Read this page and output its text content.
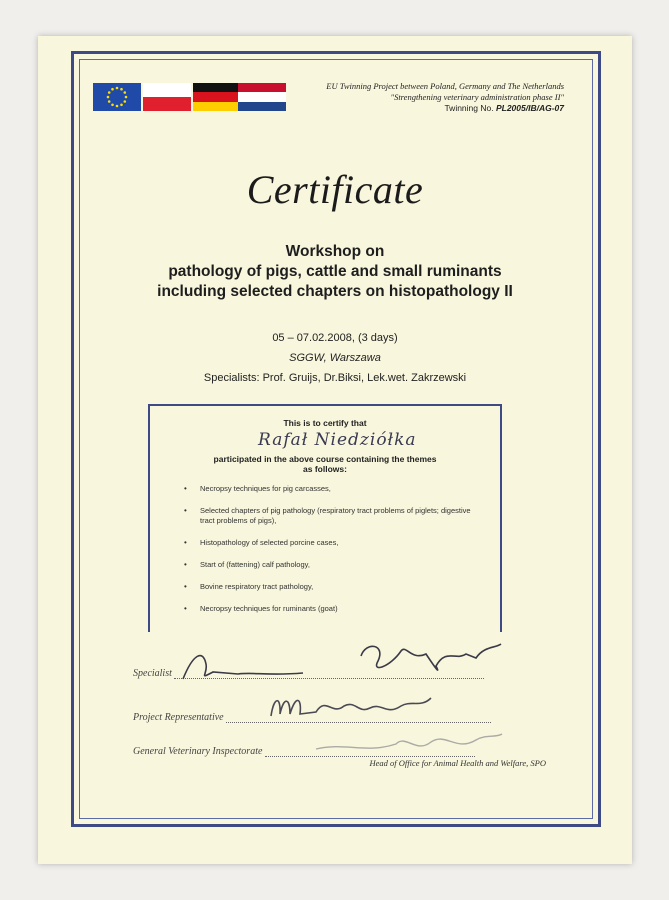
EU Twinning Project between Poland, Germany and The Netherlands
"Strengthening veterinary administration phase II"
Twinning No. PL2005/IB/AG-07
Certificate
Workshop on
pathology of pigs, cattle and small ruminants
including selected chapters on histopathology II
05 – 07.02.2008, (3 days)
SGGW, Warszawa
Specialists: Prof. Gruijs, Dr.Biksi, Lek.wet. Zakrzewski
This is to certify that
Rafał Niedziółka
participated in the above course containing the themes
as follows:
• Necropsy techniques for pig carcasses,
• Selected chapters of pig pathology (respiratory tract problems of piglets; digestive tract problems of pigs),
• Histopathology of selected porcine cases,
• Start of (fattening) calf pathology,
• Bovine respiratory tract pathology,
• Necropsy techniques for ruminants (goat)
Specialist
Project Representative
General Veterinary Inspectorate
Head of Office for Animal Health and Welfare, SPO
